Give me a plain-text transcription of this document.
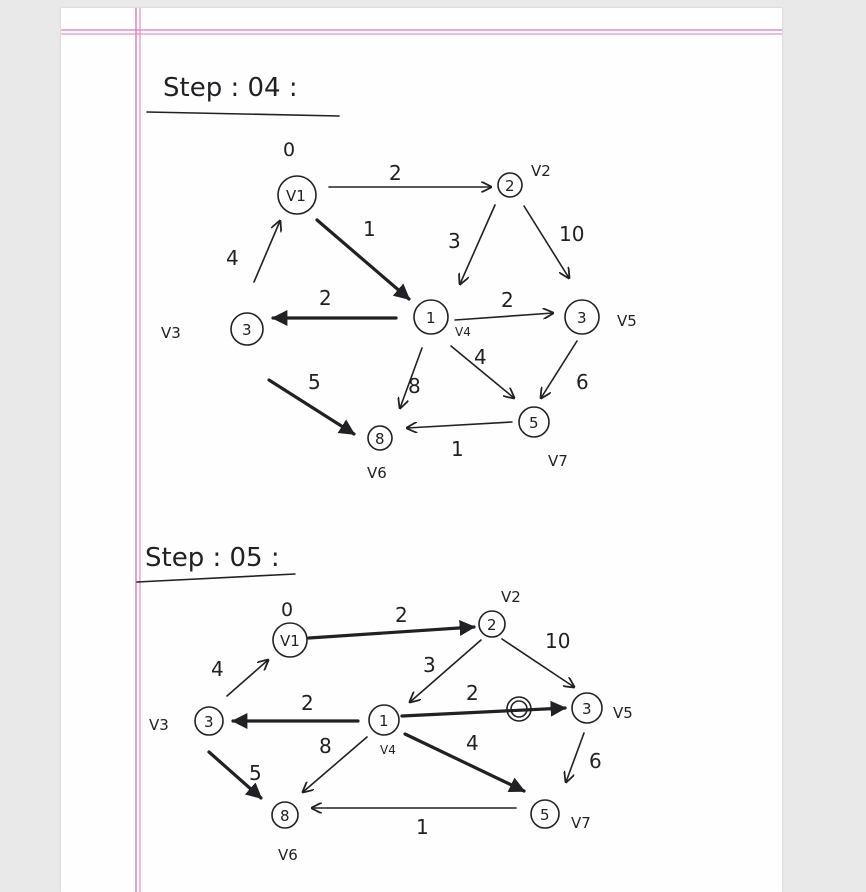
Step : 04 :
0
V1
2
V2
3
V3
1
V4
3 V5
8
V6
5
V7
2
1	3	10
4
2	2
8
4
5	6
1
Step : 05 :
0
V1
2
V2
3
V3	1
V4
3 V5
8
V6
5 V7
2
10
3
4
2
2
8	4
5	6
1
